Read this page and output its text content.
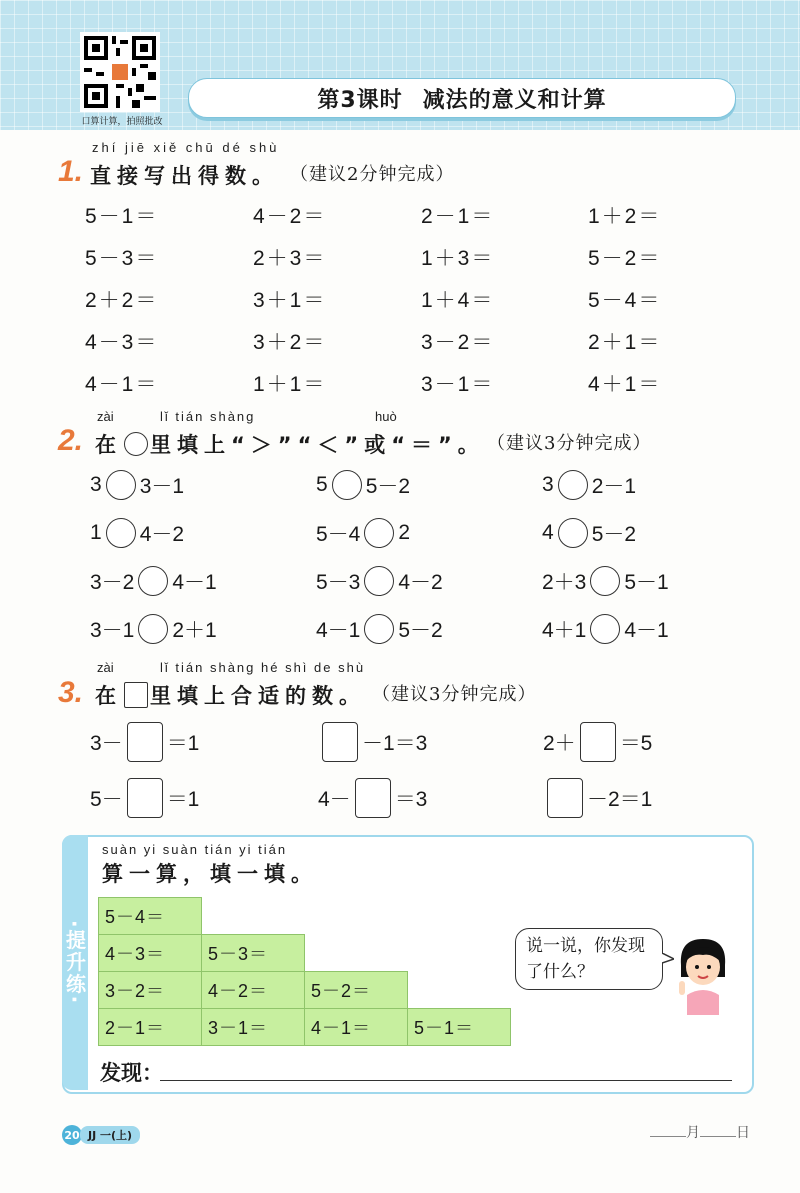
口算计算，拍照批改
第3课时 减法的意义和计算
zhí jiē xiě chū dé shù
1. 直接写出得数。 （建议2分钟完成）
5－1＝	4－2＝	2－1＝	1＋2＝
5－3＝	2＋3＝	1＋3＝	5－2＝
2＋2＝	3＋1＝	1＋4＝	5－4＝
4－3＝	3＋2＝	3－2＝	2＋1＝
4－1＝	1＋1＝	3－1＝	4＋1＝
zài	lǐ tián shàng	huò
2. 在 里填上“＞”“＜”或“＝”。 （建议3分钟完成）
3 3－1	5 5－2	3 2－1
1 4－2	5－4 2	4 5－2
3－2 4－1	5－3 4－2	2＋3 5－1
3－1 2＋1	4－1 5－2	4＋1 4－1
zài	lǐ tián shàng hé shì de shù
3. 在 里填上合适的数。 （建议3分钟完成）
3－ ＝1	－1＝3	2＋ ＝5
5－ ＝1	4－ ＝3	－2＝1
·提升练·
suàn yi suàn tián yi tián
算一算，填一填。
5－4＝
4－3＝	5－3＝
3－2＝	4－2＝	5－2＝
2－1＝	3－1＝	4－1＝	5－1＝
说一说，你发现了什么？
发现：
20 JJ 一(上)	月	日
